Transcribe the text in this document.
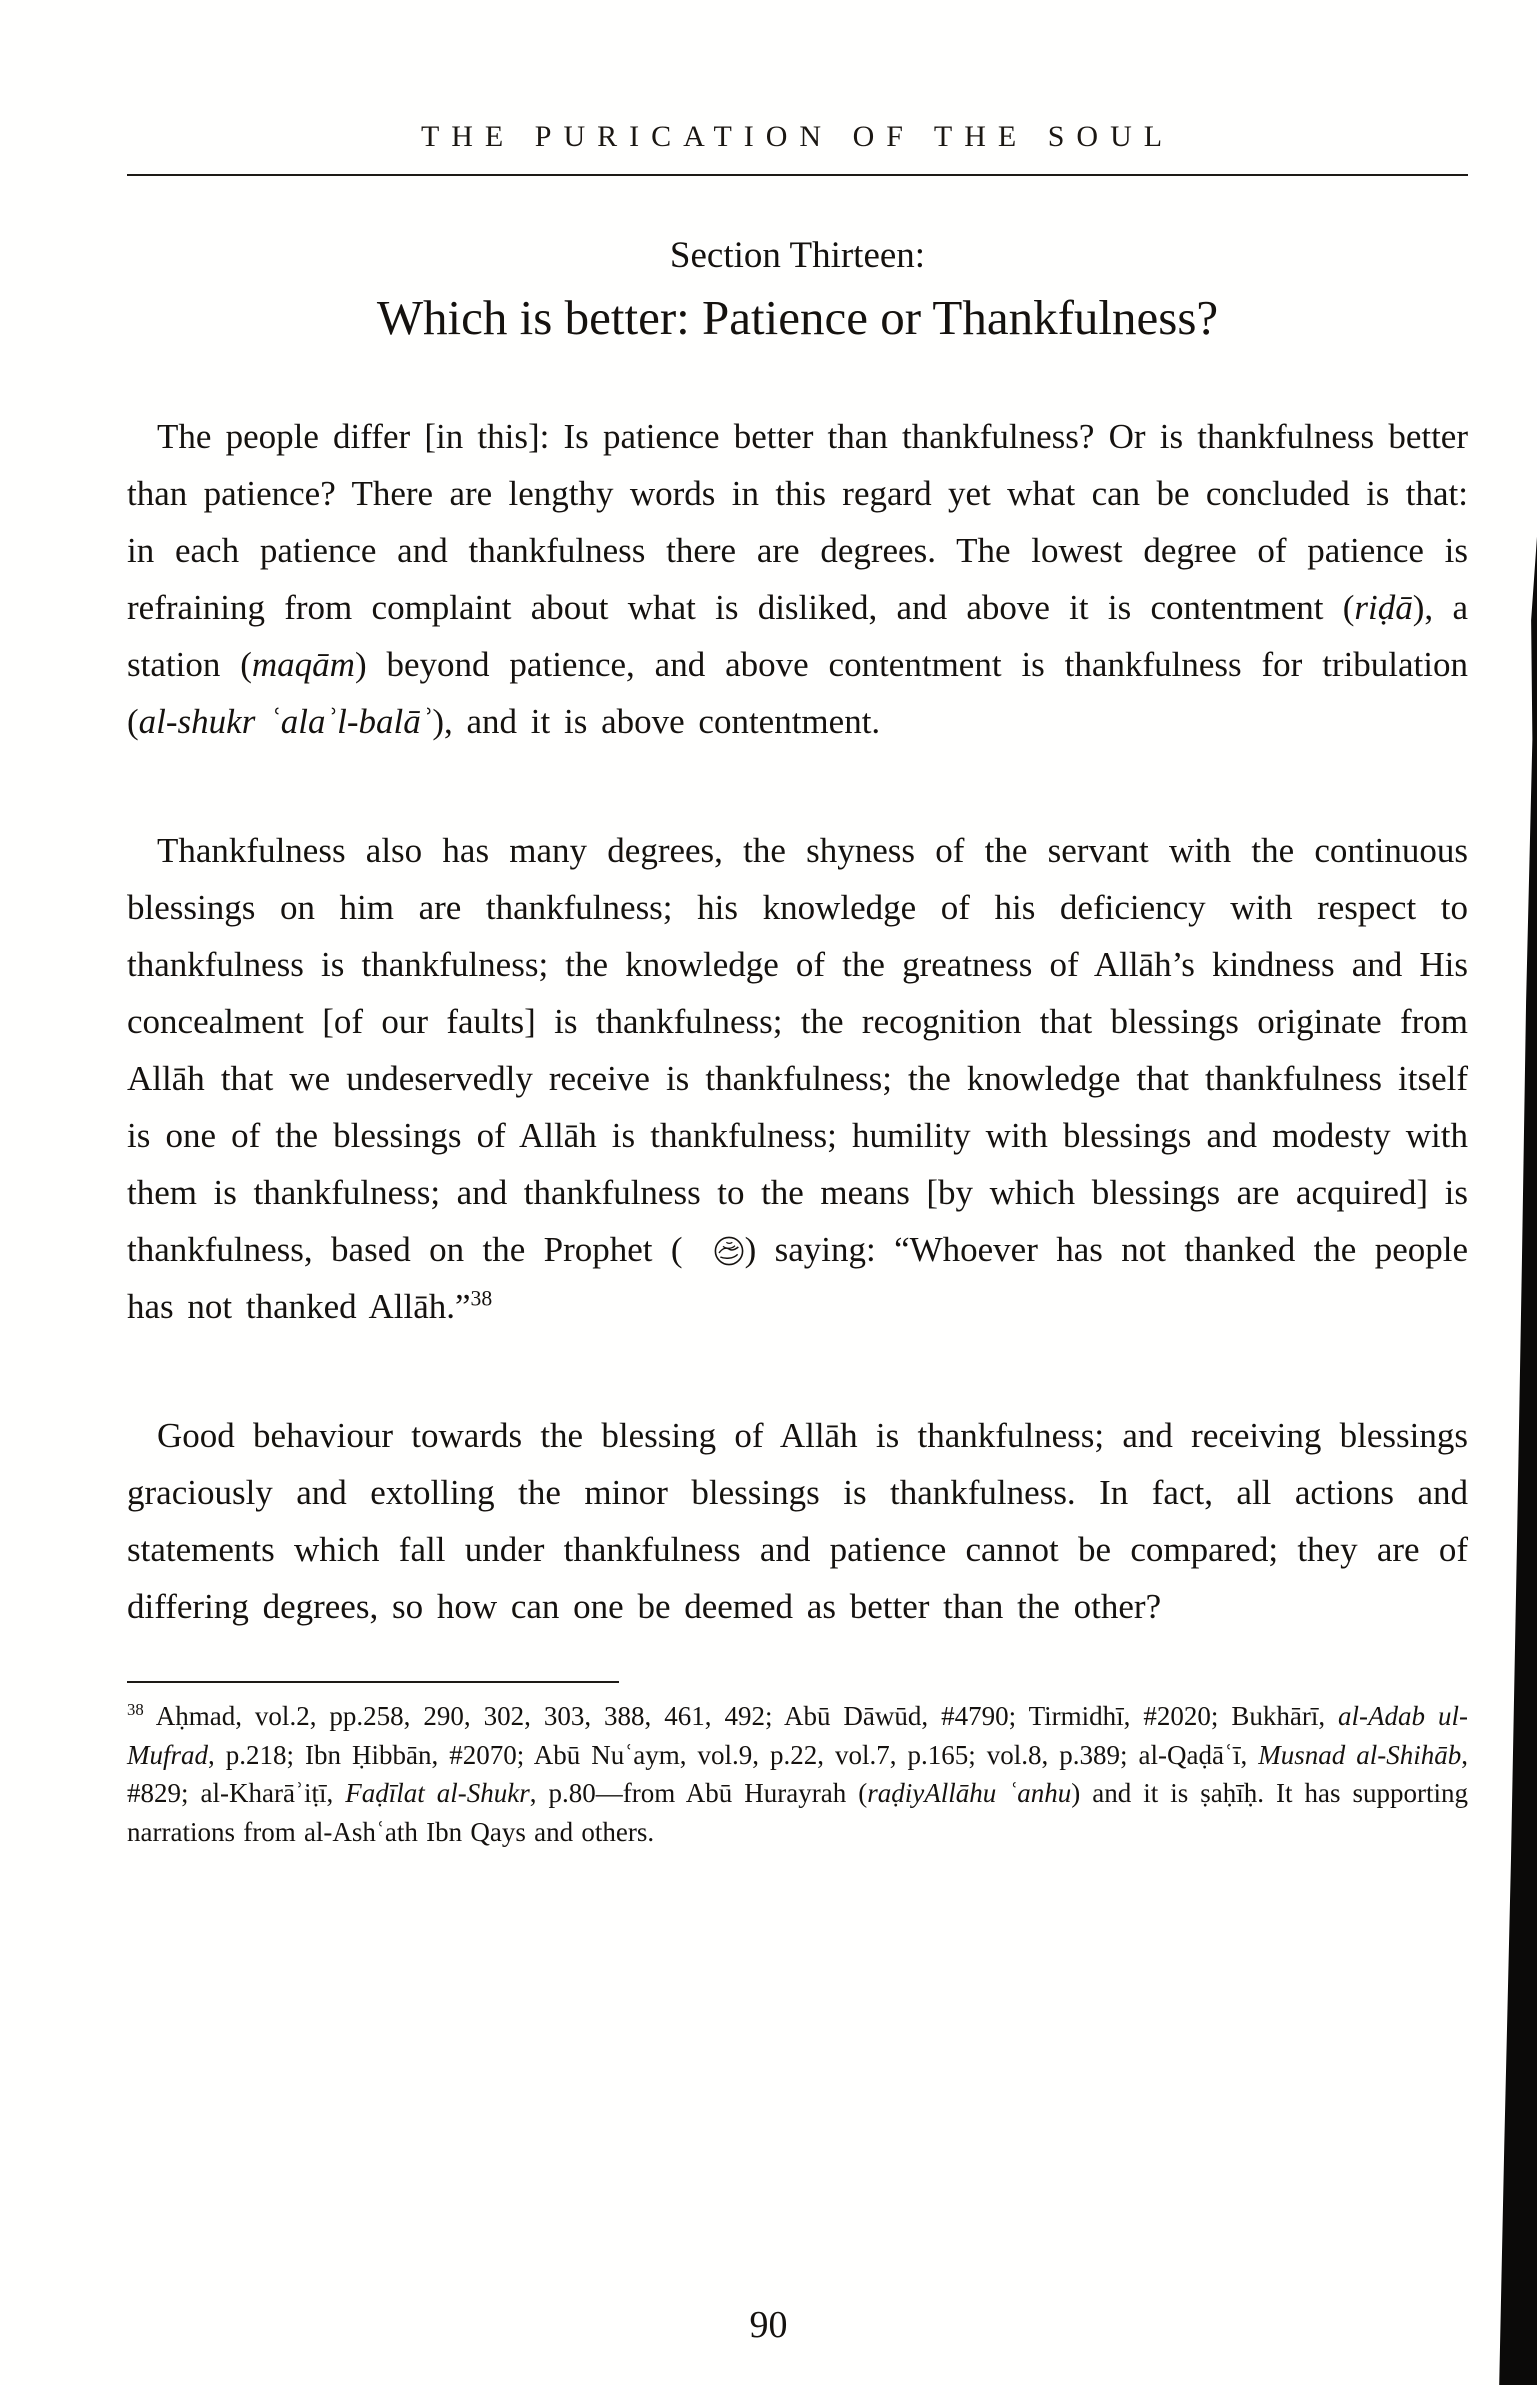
THE PURICATION OF THE SOUL
Section Thirteen:
Which is better: Patience or Thankfulness?

The people differ [in this]: Is patience better than thankfulness? Or is thankfulness better than patience? There are lengthy words in this regard yet what can be concluded is that: in each patience and thankfulness there are degrees. The lowest degree of patience is refraining from complaint about what is disliked, and above it is contentment (riḍā), a station (maqām) beyond patience, and above contentment is thankfulness for tribulation (al-shukr ʿalaʾl-balāʾ), and it is above contentment.

Thankfulness also has many degrees, the shyness of the servant with the continuous blessings on him are thankfulness; his knowledge of his deficiency with respect to thankfulness is thankfulness; the knowledge of the greatness of Allāh’s kindness and His concealment [of our faults] is thankfulness; the recognition that blessings originate from Allāh that we undeservedly receive is thankfulness; the knowledge that thankfulness itself is one of the blessings of Allāh is thankfulness; humility with blessings and modesty with them is thankfulness; and thankfulness to the means [by which blessings are acquired] is thankfulness, based on the Prophet ( ) saying: “Whoever has not thanked the people has not thanked Allāh.”$^{38}$

Good behaviour towards the blessing of Allāh is thankfulness; and receiving blessings graciously and extolling the minor blessings is thankfulness. In fact, all actions and statements which fall under thankfulness and patience cannot be compared; they are of differing degrees, so how can one be deemed as better than the other?

$^{38}$ Aḥmad, vol.2, pp.258, 290, 302, 303, 388, 461, 492; Abū Dāwūd, #4790; Tirmidhī, #2020; Bukhārī, al-Adab ul-Mufrad, p.218; Ibn Ḥibbān, #2070; Abū Nuʿaym, vol.9, p.22, vol.7, p.165; vol.8, p.389; al-Qaḍāʿī, Musnad al-Shihāb, #829; al-Kharāʾiṭī, Faḍīlat al-Shukr, p.80—from Abū Hurayrah (raḍiyAllāhu ʿanhu) and it is ṣaḥīḥ. It has supporting narrations from al-Ashʿath Ibn Qays and others.

90
